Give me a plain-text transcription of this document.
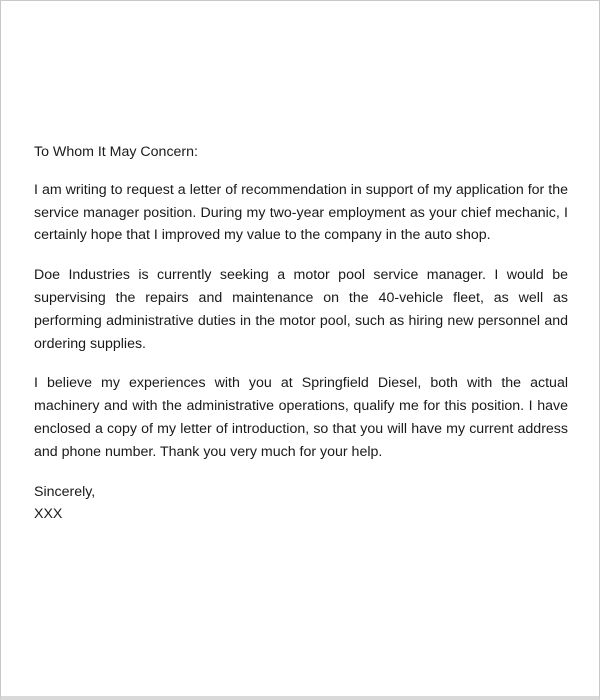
To Whom It May Concern:

I am writing to request a letter of recommendation in support of my application for the service manager position. During my two-year employment as your chief mechanic, I certainly hope that I improved my value to the company in the auto shop.

Doe Industries is currently seeking a motor pool service manager. I would be supervising the repairs and maintenance on the 40-vehicle fleet, as well as performing administrative duties in the motor pool, such as hiring new personnel and ordering supplies.

I believe my experiences with you at Springfield Diesel, both with the actual machinery and with the administrative operations, qualify me for this position. I have enclosed a copy of my letter of introduction, so that you will have my current address and phone number. Thank you very much for your help.

Sincerely,

XXX
